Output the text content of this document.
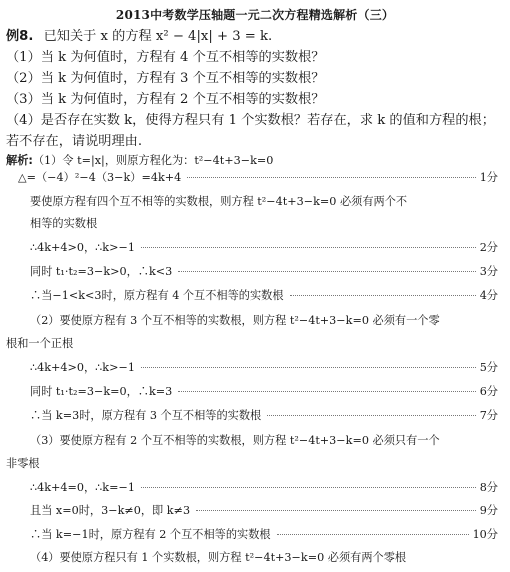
2013中考数学压轴题一元二次方程精选解析（三）
例8. 已知关于 x 的方程 x² − 4|x| + 3 = k.
（1）当 k 为何值时，方程有 4 个互不相等的实数根？
（2）当 k 为何值时，方程有 3 个互不相等的实数根？
（3）当 k 为何值时，方程有 2 个互不相等的实数根？
（4）是否存在实数 k，使得方程只有 1 个实数根？若存在，求 k 的值和方程的根；若不存在，请说明理由.
解析:（1）令 t=|x|，则原方程化为：t²−4t+3−k=0
△=（−4）²−4（3−k）=4k+4	1分
要使原方程有四个互不相等的实数根，则方程 t²−4t+3−k=0 必须有两个不
相等的实数根
∴4k+4>0，∴k>−1	2分
同时 t₁·t₂=3−k>0，∴k<3	3分
∴当−1<k<3时，原方程有 4 个互不相等的实数根	4分
（2）要使原方程有 3 个互不相等的实数根，则方程 t²−4t+3−k=0 必须有一个零
根和一个正根
∴4k+4>0，∴k>−1	5分
同时 t₁·t₂=3−k=0，∴k=3	6分
∴当 k=3时，原方程有 3 个互不相等的实数根	7分
（3）要使原方程有 2 个互不相等的实数根，则方程 t²−4t+3−k=0 必须只有一个
非零根
∴4k+4=0，∴k=−1	8分
且当 x=0时，3−k≠0，即 k≠3	9分
∴当 k=−1时，原方程有 2 个互不相等的实数根	10分
（4）要使原方程只有 1 个实数根，则方程 t²−4t+3−k=0 必须有两个零根
